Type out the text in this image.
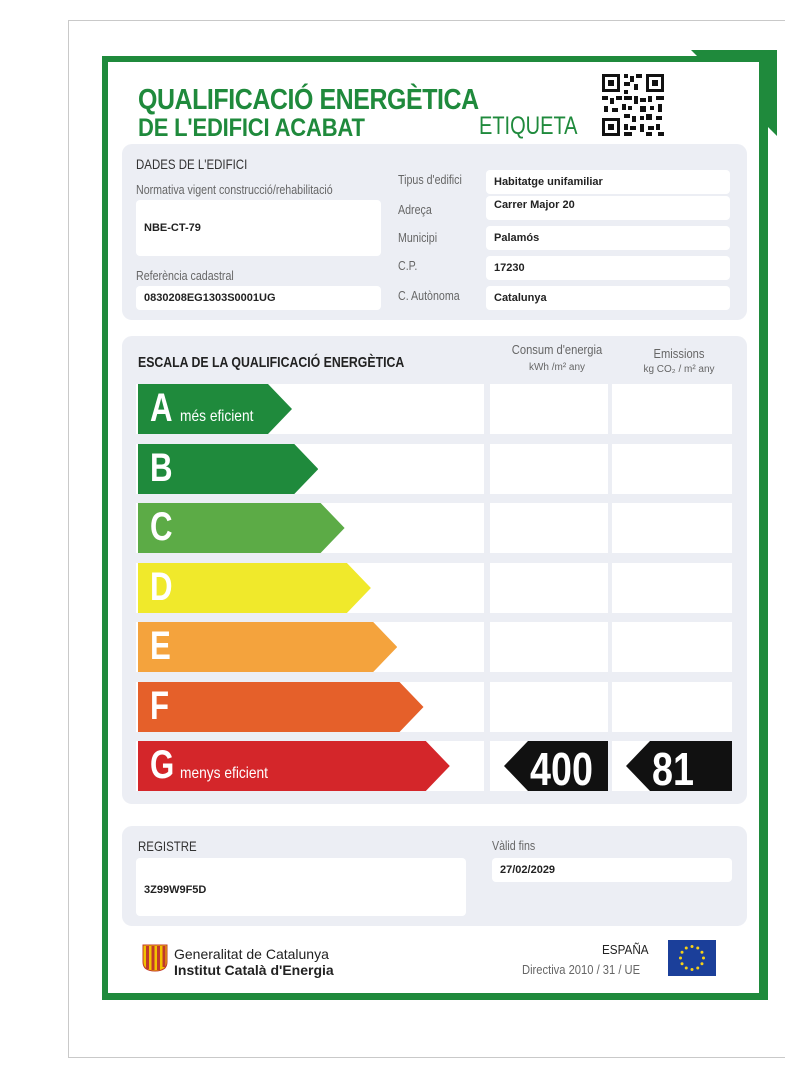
QUALIFICACIÓ ENERGÈTICA
DE L'EDIFICI ACABAT	ETIQUETA
DADES DE L'EDIFICI
Normativa vigent construcció/rehabilitació
NBE-CT-79
Referència cadastral
0830208EG1303S0001UG
Tipus d'edifici	Habitatge unifamiliar
Adreça	Carrer Major 20
Municipi	Palamós
C.P.	17230
C. Autònoma	Catalunya
ESCALA DE LA QUALIFICACIÓ ENERGÈTICA
Consum d'energia
kWh /m² any
Emissions
kg CO₂ / m² any
A més eficient
B
C
D
E
F
G menys eficient	400 81
REGISTRE
3Z99W9F5D
Vàlid fins
27/02/2029
Generalitat de Catalunya
Institut Català d'Energia
ESPAÑA
Directiva 2010 / 31 / UE
